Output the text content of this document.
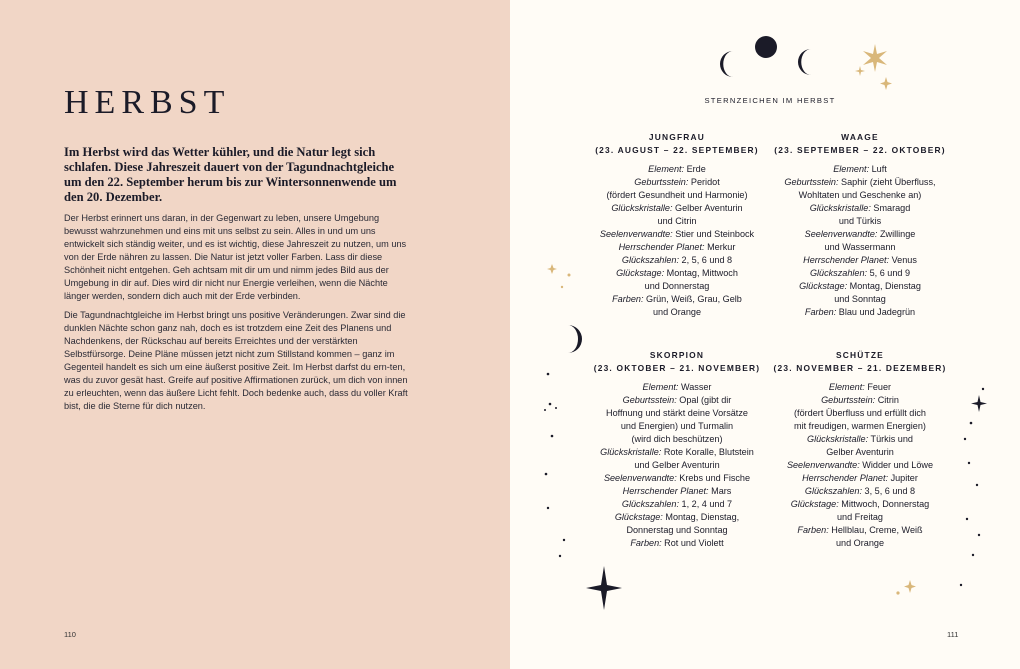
HERBST

Im Herbst wird das Wetter kühler, und die Natur legt sich schlafen. Diese Jahreszeit dauert von der Tagundnachtgleiche um den 22. September herum bis zur Wintersonnenwende um den 20. Dezember.

Der Herbst erinnert uns daran, in der Gegenwart zu leben, unsere Umgebung bewusst wahrzunehmen und eins mit uns selbst zu sein. Alles in und um uns entwickelt sich ständig weiter, und es ist wichtig, diese Jahreszeit zu nutzen, um uns von der Erde nähren zu lassen. Die Natur ist jetzt voller Farben. Lass dir diese Schönheit nicht entgehen. Geh achtsam mit dir um und nimm jedes Bild aus der Umgebung in dir auf. Dies wird dir nicht nur Energie verleihen, wenn die Nächte länger werden, sondern dich auch mit der Erde verbinden.

Die Tagundnachtgleiche im Herbst bringt uns positive Veränderungen. Zwar sind die dunklen Nächte schon ganz nah, doch es ist trotzdem eine Zeit des Planens und Nachdenkens, der Rückschau auf bereits Erreichtes und der verstärkten Selbstfürsorge. Deine Pläne müssen jetzt nicht zum Stillstand kommen – ganz im Gegenteil handelt es sich um eine äußerst positive Zeit. Im Herbst darfst du ern-ten, was du zuvor gesät hast. Greife auf positive Affirmationen zurück, um dich von innen zu erleuchten, wenn das äußere Licht fehlt. Doch bedenke auch, dass du voller Kraft bist, die die Sterne für dich nutzen.

110
STERNZEICHEN IM HERBST
JUNGFRAU
(23. AUGUST – 22. SEPTEMBER)
Element: Erde
Geburtsstein: Peridot
(fördert Gesundheit und Harmonie)
Glückskristalle: Gelber Aventurin
und Citrin
Seelenverwandte: Stier und Steinbock
Herrschender Planet: Merkur
Glückszahlen: 2, 5, 6 und 8
Glückstage: Montag, Mittwoch
und Donnerstag
Farben: Grün, Weiß, Grau, Gelb
und Orange
WAAGE
(23. SEPTEMBER – 22. OKTOBER)
Element: Luft
Geburtsstein: Saphir (zieht Überfluss,
Wohltaten und Geschenke an)
Glückskristalle: Smaragd
und Türkis
Seelenverwandte: Zwillinge
und Wassermann
Herrschender Planet: Venus
Glückszahlen: 5, 6 und 9
Glückstage: Montag, Dienstag
und Sonntag
Farben: Blau und Jadegrün
SKORPION
(23. OKTOBER – 21. NOVEMBER)
Element: Wasser
Geburtsstein: Opal (gibt dir
Hoffnung und stärkt deine Vorsätze
und Energien) und Turmalin
(wird dich beschützen)
Glückskristalle: Rote Koralle, Blutstein
und Gelber Aventurin
Seelenverwandte: Krebs und Fische
Herrschender Planet: Mars
Glückszahlen: 1, 2, 4 und 7
Glückstage: Montag, Dienstag,
Donnerstag und Sonntag
Farben: Rot und Violett
SCHÜTZE
(23. NOVEMBER – 21. DEZEMBER)
Element: Feuer
Geburtsstein: Citrin
(fördert Überfluss und erfüllt dich
mit freudigen, warmen Energien)
Glückskristalle: Türkis und
Gelber Aventurin
Seelenverwandte: Widder und Löwe
Herrschender Planet: Jupiter
Glückszahlen: 3, 5, 6 und 8
Glückstage: Mittwoch, Donnerstag
und Freitag
Farben: Hellblau, Creme, Weiß
und Orange
111
